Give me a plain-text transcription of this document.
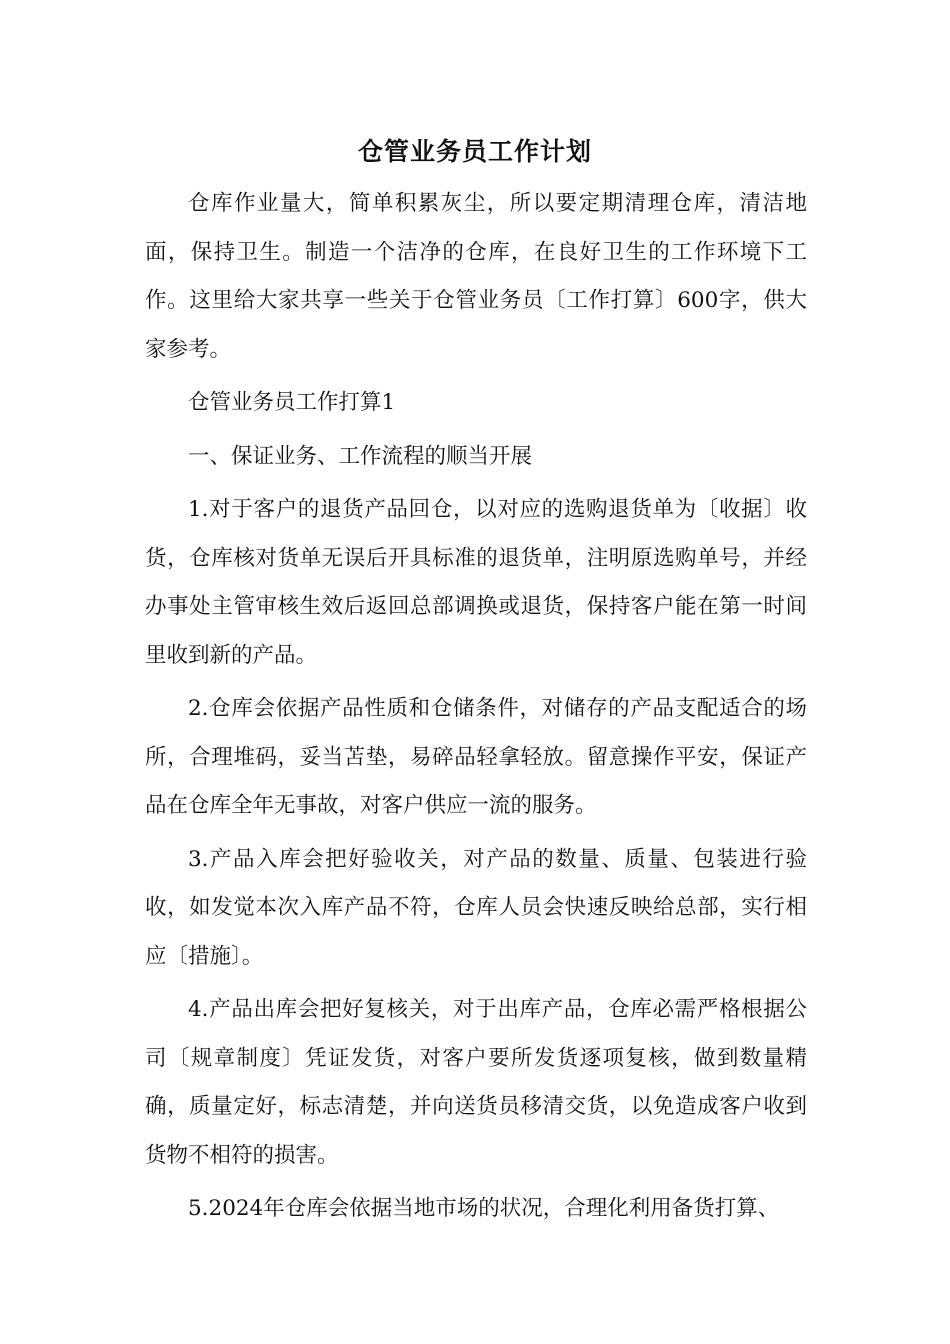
仓管业务员工作计划

仓库作业量大，简单积累灰尘，所以要定期清理仓库，清洁地面，保持卫生。制造一个洁净的仓库，在良好卫生的工作环境下工作。这里给大家共享一些关于仓管业务员〔工作打算〕600字，供大家参考。

仓管业务员工作打算1

一、保证业务、工作流程的顺当开展

1.对于客户的退货产品回仓，以对应的选购退货单为〔收据〕收货，仓库核对货单无误后开具标准的退货单，注明原选购单号，并经办事处主管审核生效后返回总部调换或退货，保持客户能在第一时间里收到新的产品。

2.仓库会依据产品性质和仓储条件，对储存的产品支配适合的场所，合理堆码，妥当苫垫，易碎品轻拿轻放。留意操作平安，保证产品在仓库全年无事故，对客户供应一流的服务。

3.产品入库会把好验收关，对产品的数量、质量、包装进行验收，如发觉本次入库产品不符，仓库人员会快速反映给总部，实行相应〔措施〕。

4.产品出库会把好复核关，对于出库产品，仓库必需严格根据公司〔规章制度〕凭证发货，对客户要所发货逐项复核，做到数量精确，质量定好，标志清楚，并向送货员移清交货，以免造成客户收到货物不相符的损害。

5.2024年仓库会依据当地市场的状况，合理化利用备货打算、
